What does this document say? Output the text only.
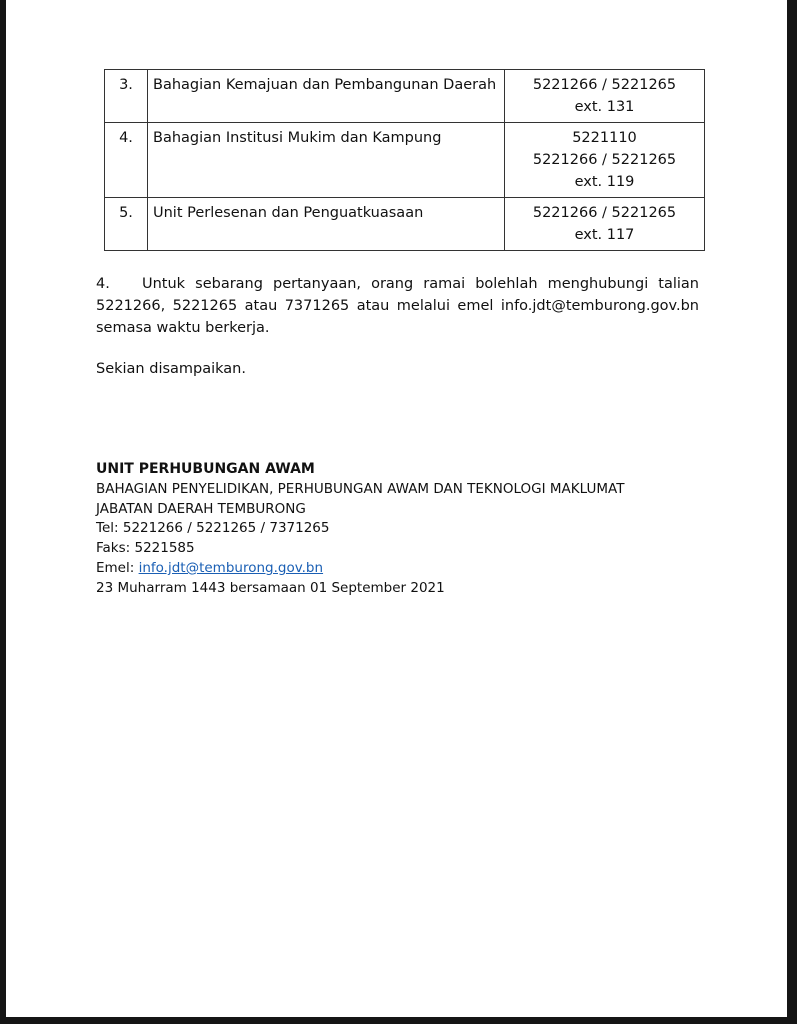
3.	Bahagian Kemajuan dan Pembangunan Daerah	5221266 / 5221265
ext. 131

4.	Bahagian Institusi Mukim dan Kampung	5221110
5221266 / 5221265
ext. 119

5.	Unit Perlesenan dan Penguatkuasaan	5221266 / 5221265
ext. 117
4. Untuk sebarang pertanyaan, orang ramai bolehlah menghubungi talian 5221266, 5221265 atau 7371265 atau melalui emel info.jdt@temburong.gov.bn semasa waktu berkerja.
Sekian disampaikan.
UNIT PERHUBUNGAN AWAM
BAHAGIAN PENYELIDIKAN, PERHUBUNGAN AWAM DAN TEKNOLOGI MAKLUMAT
JABATAN DAERAH TEMBURONG
Tel: 5221266 / 5221265 / 7371265
Faks: 5221585
Emel: info.jdt@temburong.gov.bn
23 Muharram 1443 bersamaan 01 September 2021
